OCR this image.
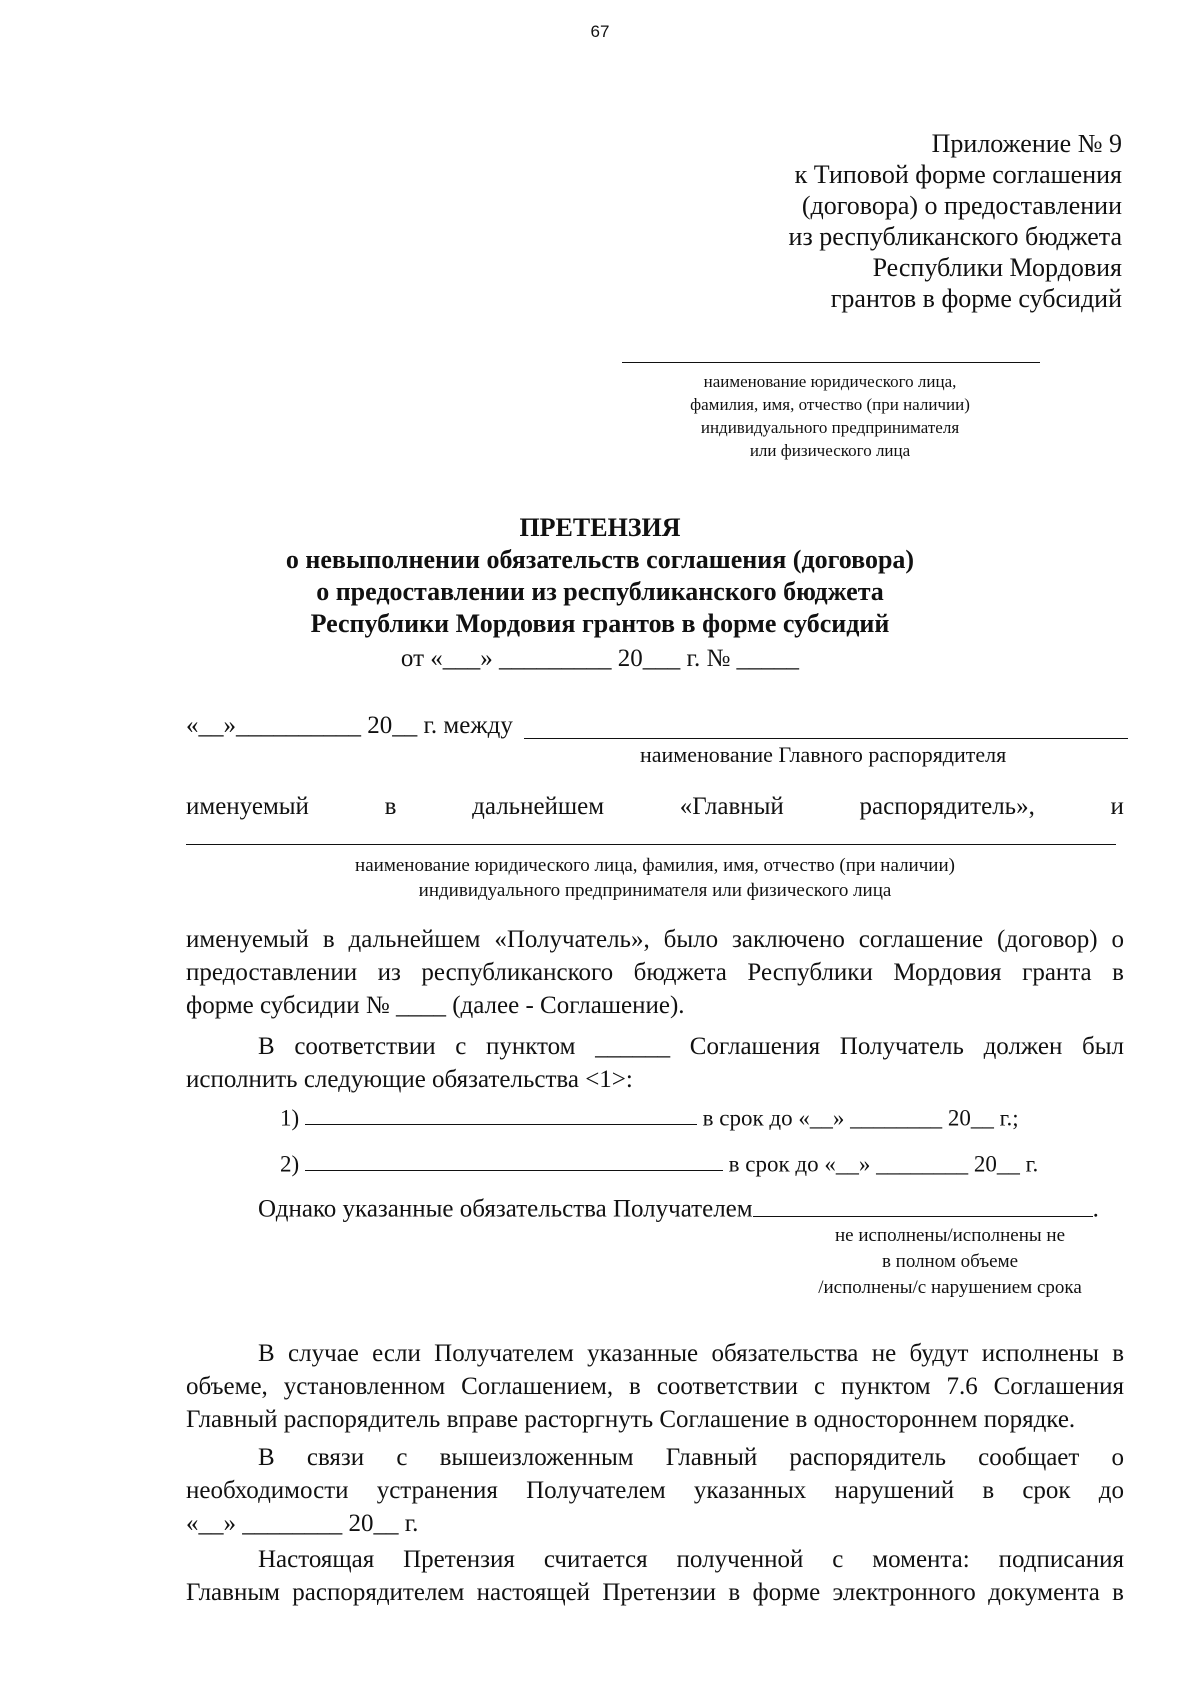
67
Приложение № 9
к Типовой форме соглашения
(договора) о предоставлении
из республиканского бюджета
Республики Мордовия
грантов в форме субсидий
наименование юридического лица,
фамилия, имя, отчество (при наличии)
индивидуального предпринимателя
или физического лица
ПРЕТЕНЗИЯ
о невыполнении обязательств соглашения (договора)
о предоставлении из республиканского бюджета
Республики Мордовия грантов в форме субсидий
от «___» _________ 20___ г. № _____
«__»__________ 20__ г. между
наименование Главного распорядителя
именуемый	в	дальнейшем	«Главный	распорядитель»,	и
наименование юридического лица, фамилия, имя, отчество (при наличии)
индивидуального предпринимателя или физического лица
именуемый в дальнейшем «Получатель», было заключено соглашение (договор) о
предоставлении из республиканского бюджета Республики Мордовия гранта в
форме субсидии № ____ (далее - Соглашение).
В соответствии с пунктом ______ Соглашения Получатель должен был
исполнить следующие обязательства <1>:
1)	в срок до «__» ________ 20__ г.;
2)	в срок до «__» ________ 20__ г.
Однако указанные обязательства Получателем	.
не исполнены/исполнены не
в полном объеме
/исполнены/с нарушением срока
В случае если Получателем указанные обязательства не будут исполнены в
объеме, установленном Соглашением, в соответствии с пунктом 7.6 Соглашения
Главный распорядитель вправе расторгнуть Соглашение в одностороннем порядке.
В связи с вышеизложенным Главный распорядитель сообщает о
необходимости устранения Получателем указанных нарушений в срок до
«__» ________ 20__ г.
Настоящая Претензия считается полученной с момента: подписания
Главным распорядителем настоящей Претензии в форме электронного документа в
